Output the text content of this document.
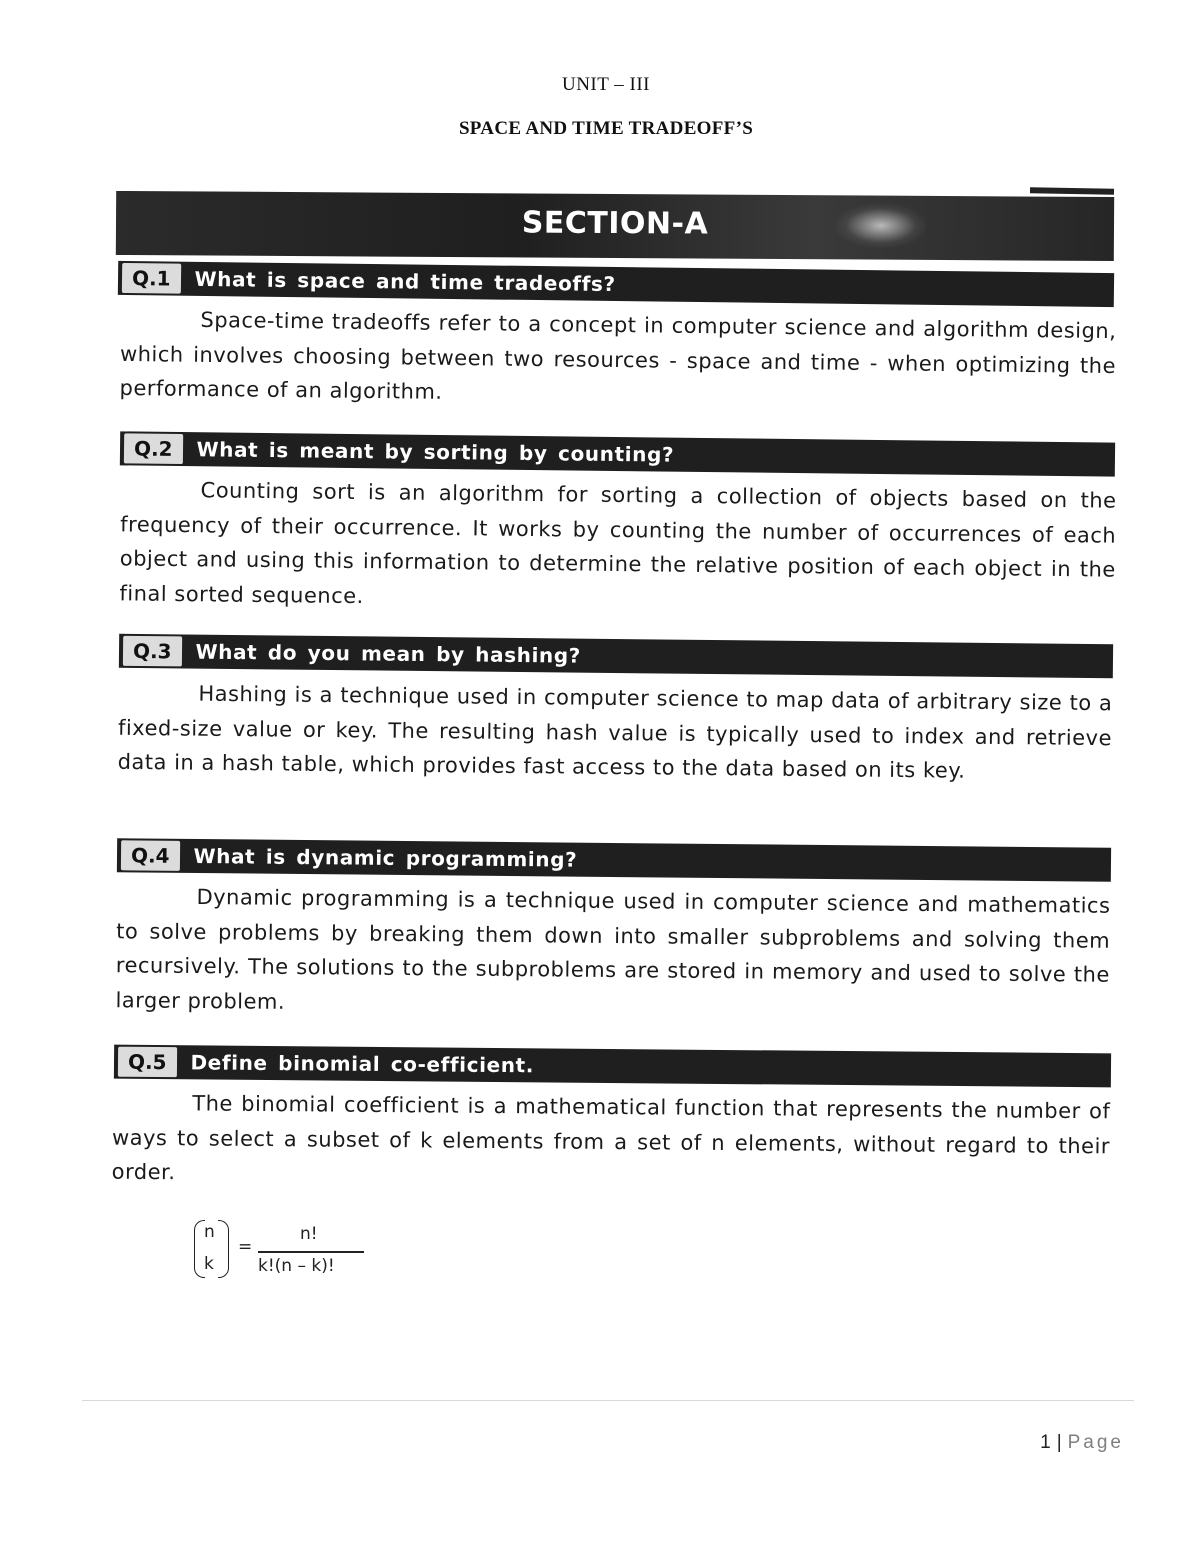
UNIT – III
SPACE AND TIME TRADEOFF’S
SECTION-A
Q.1	What is space and time tradeoffs?

Space-time tradeoffs refer to a concept in computer science and algorithm design, which involves choosing between two resources - space and time - when optimizing the performance of an algorithm.

Q.2	What is meant by sorting by counting?

Counting sort is an algorithm for sorting a collection of objects based on the frequency of their occurrence. It works by counting the number of occurrences of each object and using this information to determine the relative position of each object in the final sorted sequence.

Q.3	What do you mean by hashing?

Hashing is a technique used in computer science to map data of arbitrary size to a fixed-size value or key. The resulting hash value is typically used to index and retrieve data in a hash table, which provides fast access to the data based on its key.

Q.4	What is dynamic programming?

Dynamic programming is a technique used in computer science and mathematics to solve problems by breaking them down into smaller subproblems and solving them recursively. The solutions to the subproblems are stored in memory and used to solve the larger problem.

Q.5	Define binomial co-efficient.

The binomial coefficient is a mathematical function that represents the number of ways to select a subset of k elements from a set of n elements, without regard to their order.

n
k
=
n!
k!(n – k)!
1 | Page
